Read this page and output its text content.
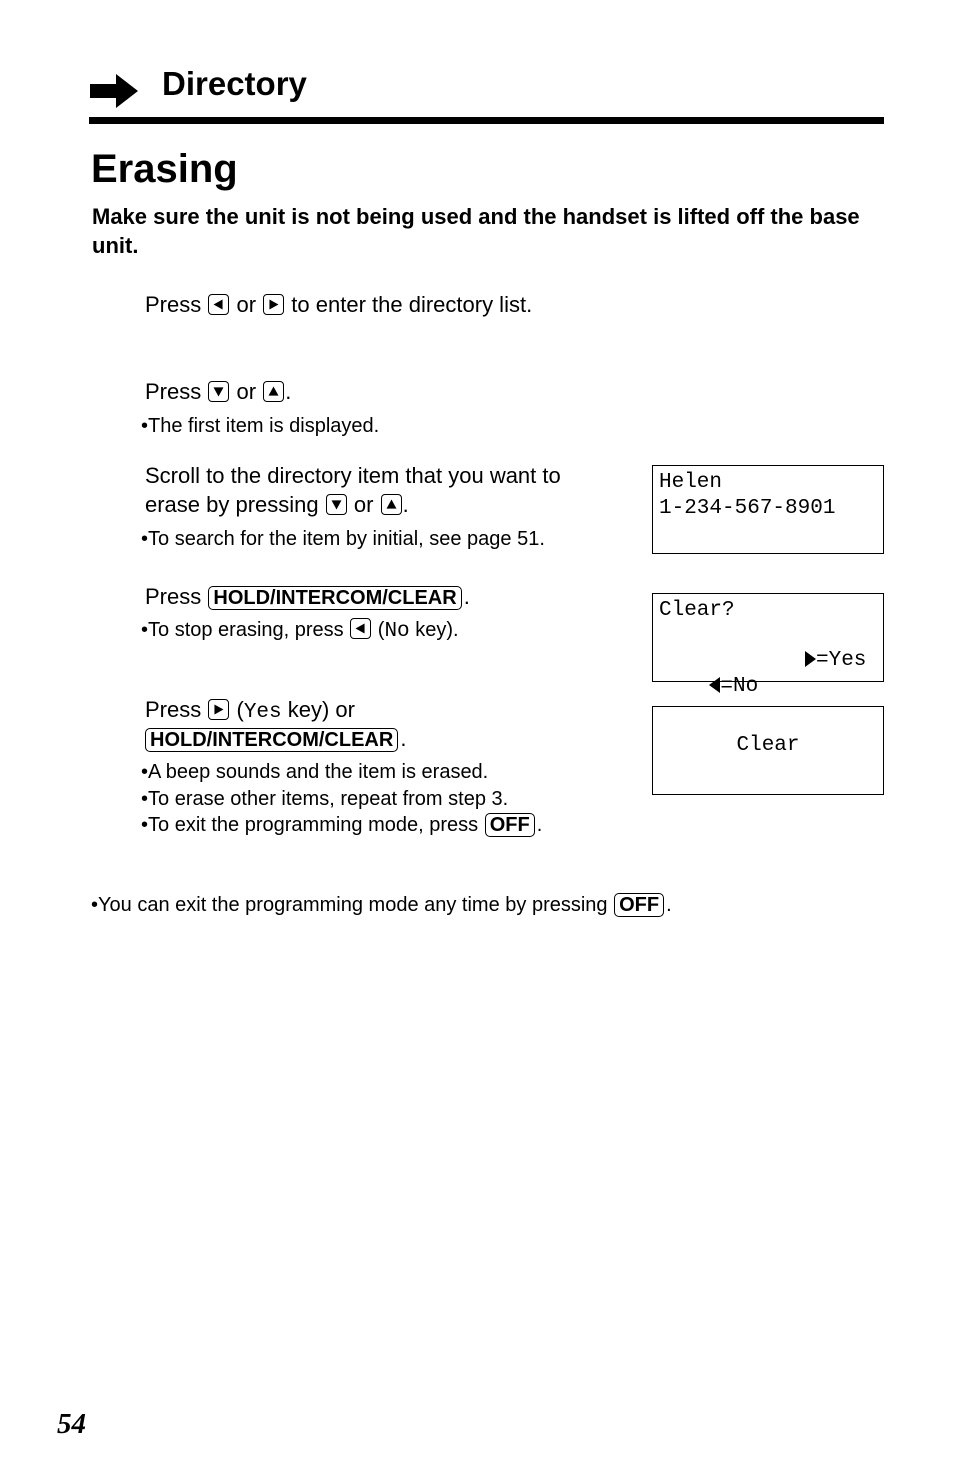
Directory
Erasing
Make sure the unit is not being used and the handset is lifted off the base unit.
Press or
to enter the directory list.
Press or .
•The first item is displayed.
Scroll to the directory item that you want to
erase by pressing or .
•To search for the item by initial, see page 51.
Press HOLD/INTERCOM/CLEAR .
•To stop erasing, press
(No key).
Press
(Yes key) or
HOLD/INTERCOM/CLEAR .
•A beep sounds and the item is erased.
•To erase other items, repeat from step 3.
•To exit the programming mode, press OFF .
•You can exit the programming mode any time by pressing OFF .
Helen
1-234-567-8901
Clear?

=No

=Yes

Clear
54
